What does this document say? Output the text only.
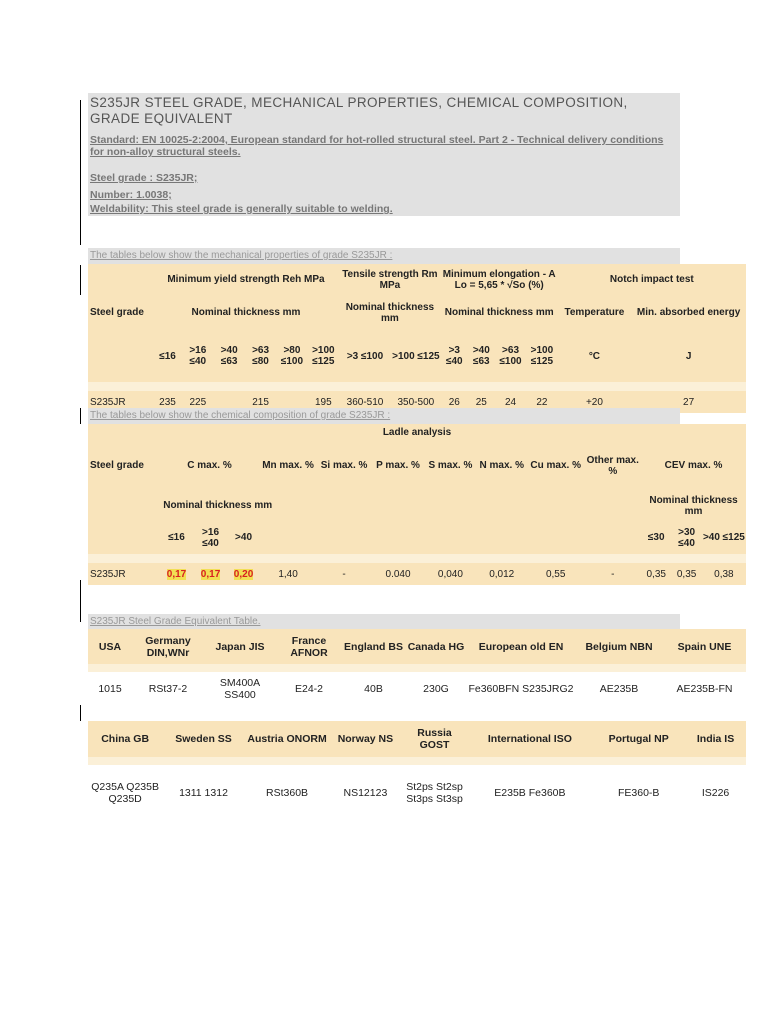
S235JR STEEL GRADE, MECHANICAL PROPERTIES, CHEMICAL COMPOSITION, GRADE EQUIVALENT
Standard: EN 10025-2:2004, European standard for hot-rolled structural steel. Part 2 - Technical delivery conditions for non-alloy structural steels.
Steel grade : S235JR;
Number: 1.0038;
Weldability: This steel grade is generally suitable to welding.
The tables below show the mechanical properties of grade S235JR :
	Minimum yield strength Reh MPa						Tensile strength Rm MPa		Minimum elongation - A Lo = 5,65 * √So (%)				Notch impact test	
Steel grade	Nominal thickness mm						Nominal thickness mm		Nominal thickness mm				Temperature	Min. absorbed energy
	≤16	>16 ≤40	>40 ≤63	>63 ≤80	>80 ≤100	>100 ≤125	>3 ≤100	>100 ≤125	>3 ≤40	>40 ≤63	>63 ≤100	>100 ≤125	°C	J

S235JR	235	225	215			195	360-510	350-500	26	25	24	22	+20	27
The tables below show the chemical composition of grade S235JR :
Ladle analysis													
Steel grade	C max. %			Mn max. %	Si max. %	P max. %	S max. %	N max. %	Cu max. %	Other max. %	CEV max. %		
	Nominal thickness mm										Nominal thickness mm		
	≤16	>16 ≤40	>40								≤30	>30 ≤40	>40 ≤125

S235JR	0,17	0,17	0,20	1,40	-	0.040	0,040	0,012	0,55	-	0,35	0,35	0,38
S235JR Steel Grade Equivalent Table.
USA	Germany DIN,WNr	Japan JIS	France AFNOR	England BS	Canada HG	European old EN	Belgium NBN	Spain UNE

1015	RSt37-2	SM400A SS400	E24-2	40B	230G	Fe360BFN S235JRG2	AE235B	AE235B-FN
China GB	Sweden SS	Austria ONORM	Norway NS	Russia GOST	International ISO	Portugal NP	India IS

Q235A Q235B Q235D	1311 1312	RSt360B	NS12123	St2ps St2sp St3ps St3sp	E235B Fe360B	FE360-B	IS226
